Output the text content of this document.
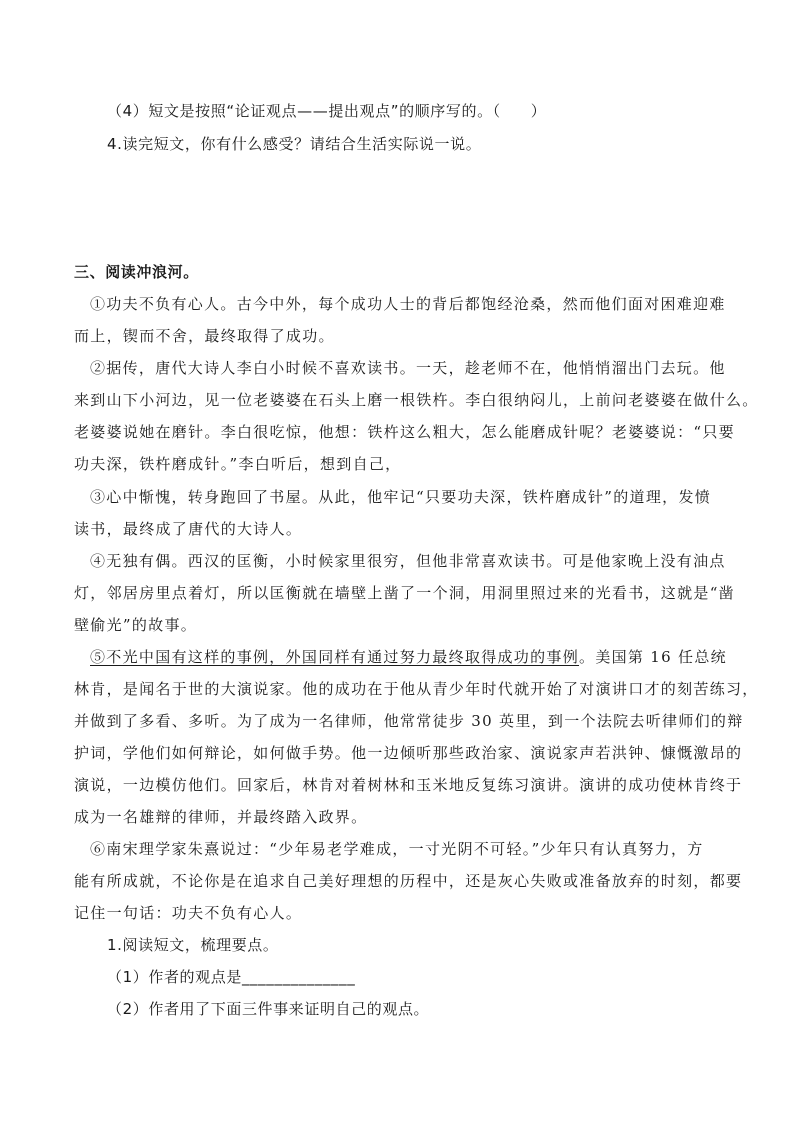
（4）短文是按照“论证观点——提出观点”的顺序写的。（ ）
4.读完短文，你有什么感受？请结合生活实际说一说。
三、阅读冲浪河。
①功夫不负有心人。古今中外，每个成功人士的背后都饱经沧桑，然而他们面对困难迎难
而上，锲而不舍，最终取得了成功。
②据传，唐代大诗人李白小时候不喜欢读书。一天，趁老师不在，他悄悄溜出门去玩。他
来到山下小河边，见一位老婆婆在石头上磨一根铁杵。李白很纳闷儿，上前问老婆婆在做什么。
老婆婆说她在磨针。李白很吃惊，他想：铁杵这么粗大，怎么能磨成针呢？老婆婆说：“只要
功夫深，铁杵磨成针。”李白听后，想到自己，
③心中惭愧，转身跑回了书屋。从此，他牢记“只要功夫深，铁杵磨成针”的道理，发愤
读书，最终成了唐代的大诗人。
④无独有偶。西汉的匡衡，小时候家里很穷，但他非常喜欢读书。可是他家晚上没有油点
灯，邻居房里点着灯，所以匡衡就在墙壁上凿了一个洞，用洞里照过来的光看书，这就是“凿
壁偷光”的故事。
⑤不光中国有这样的事例，外国同样有通过努力最终取得成功的事例。美国第 16 任总统
林肯，是闻名于世的大演说家。他的成功在于他从青少年时代就开始了对演讲口才的刻苦练习，
并做到了多看、多听。为了成为一名律师，他常常徒步 30 英里，到一个法院去听律师们的辩
护词，学他们如何辩论，如何做手势。他一边倾听那些政治家、演说家声若洪钟、慷慨激昂的
演说，一边模仿他们。回家后，林肯对着树林和玉米地反复练习演讲。演讲的成功使林肯终于
成为一名雄辩的律师，并最终踏入政界。
⑥南宋理学家朱熹说过：“少年易老学难成，一寸光阴不可轻。”少年只有认真努力，方
能有所成就，不论你是在追求自己美好理想的历程中，还是灰心失败或准备放弃的时刻，都要
记住一句话：功夫不负有心人。
1.阅读短文，梳理要点。
（1）作者的观点是______________
（2）作者用了下面三件事来证明自己的观点。
